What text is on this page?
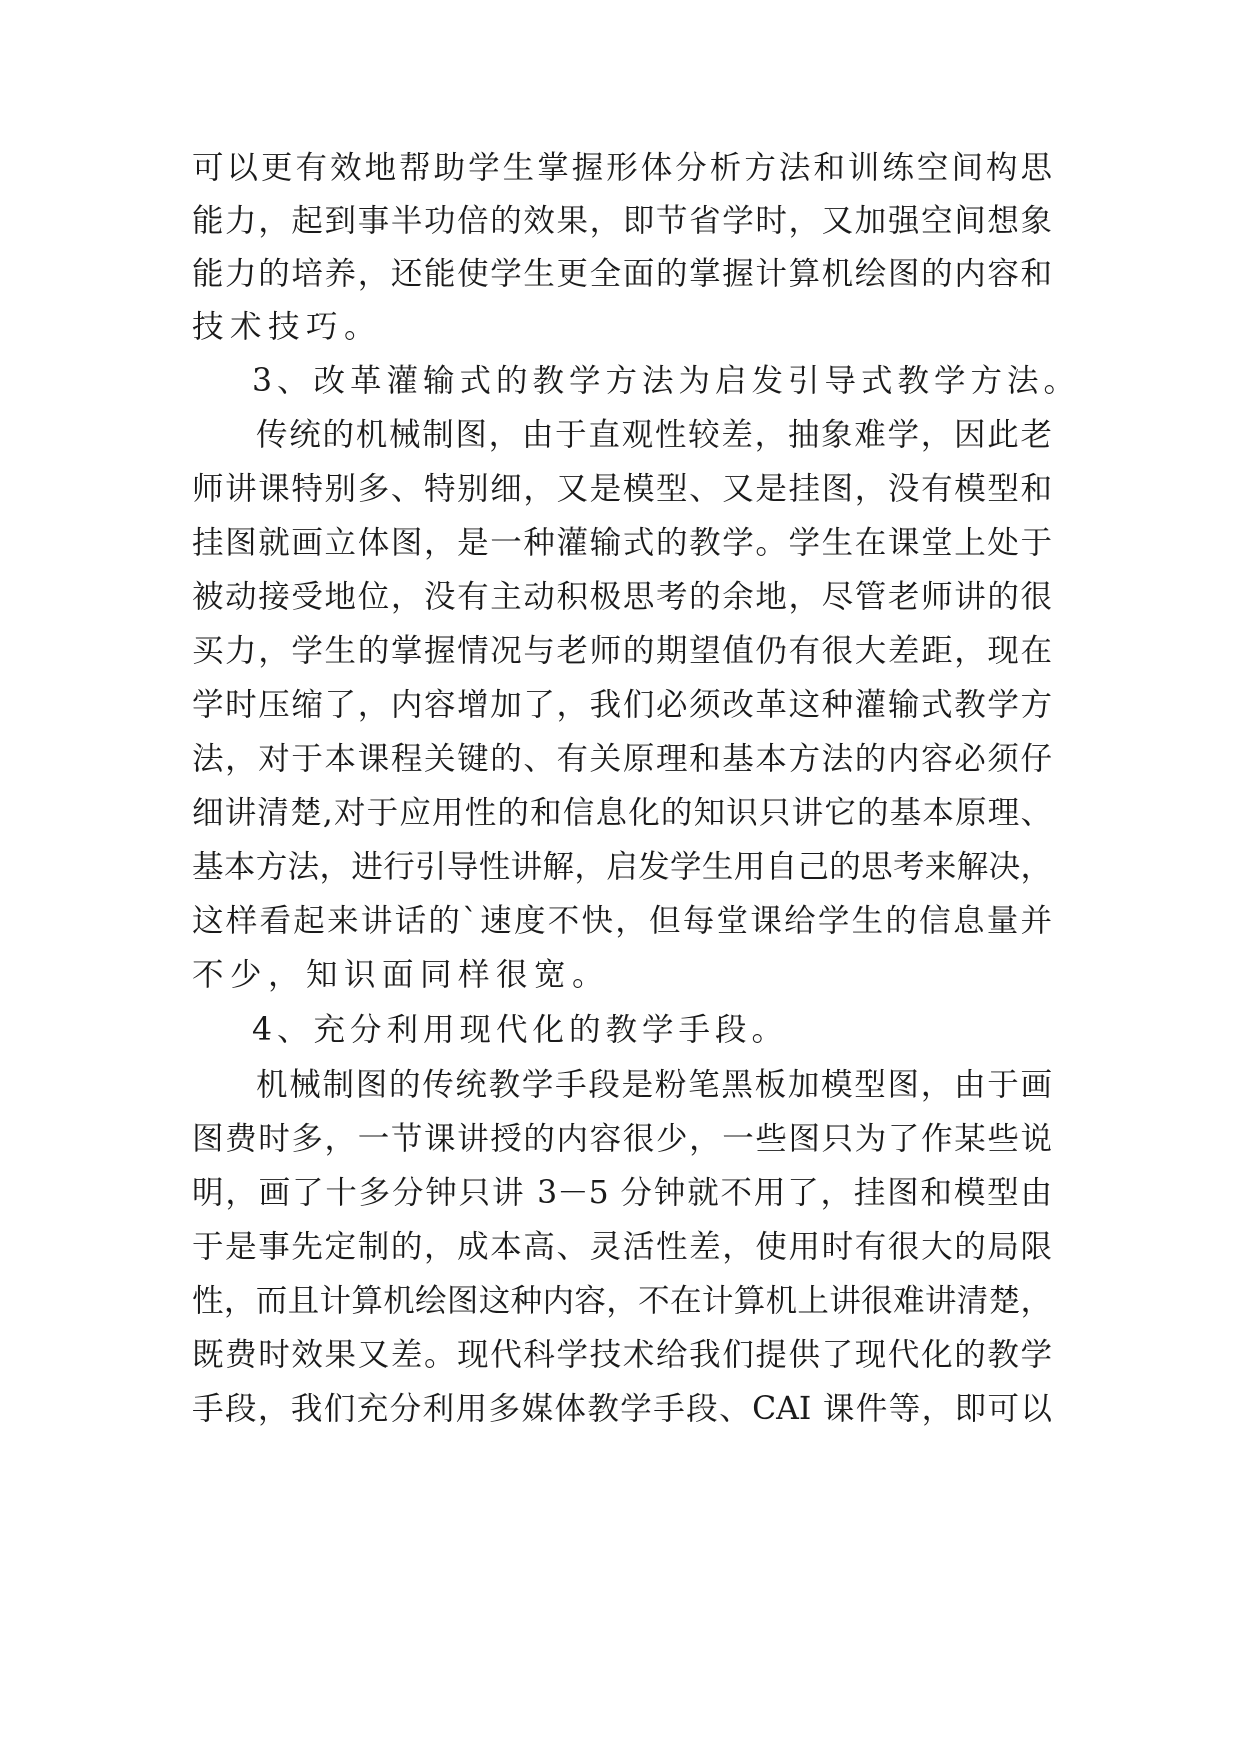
可以更有效地帮助学生掌握形体分析方法和训练空间构思
能力，起到事半功倍的效果，即节省学时，又加强空间想象
能力的培养，还能使学生更全面的掌握计算机绘图的内容和
技术技巧。
3、改革灌输式的教学方法为启发引导式教学方法。
传统的机械制图，由于直观性较差，抽象难学，因此老
师讲课特别多、特别细，又是模型、又是挂图，没有模型和
挂图就画立体图，是一种灌输式的教学。学生在课堂上处于
被动接受地位，没有主动积极思考的余地，尽管老师讲的很
买力，学生的掌握情况与老师的期望值仍有很大差距，现在
学时压缩了，内容增加了，我们必须改革这种灌输式教学方
法，对于本课程关键的、有关原理和基本方法的内容必须仔
细讲清楚,对于应用性的和信息化的知识只讲它的基本原理、
基本方法，进行引导性讲解，启发学生用自己的思考来解决，
这样看起来讲话的`速度不快，但每堂课给学生的信息量并
不少，知识面同样很宽。
4、充分利用现代化的教学手段。
机械制图的传统教学手段是粉笔黑板加模型图，由于画
图费时多，一节课讲授的内容很少，一些图只为了作某些说
明，画了十多分钟只讲 3－5 分钟就不用了，挂图和模型由
于是事先定制的，成本高、灵活性差，使用时有很大的局限
性，而且计算机绘图这种内容，不在计算机上讲很难讲清楚，
既费时效果又差。现代科学技术给我们提供了现代化的教学
手段，我们充分利用多媒体教学手段、CAI 课件等，即可以
